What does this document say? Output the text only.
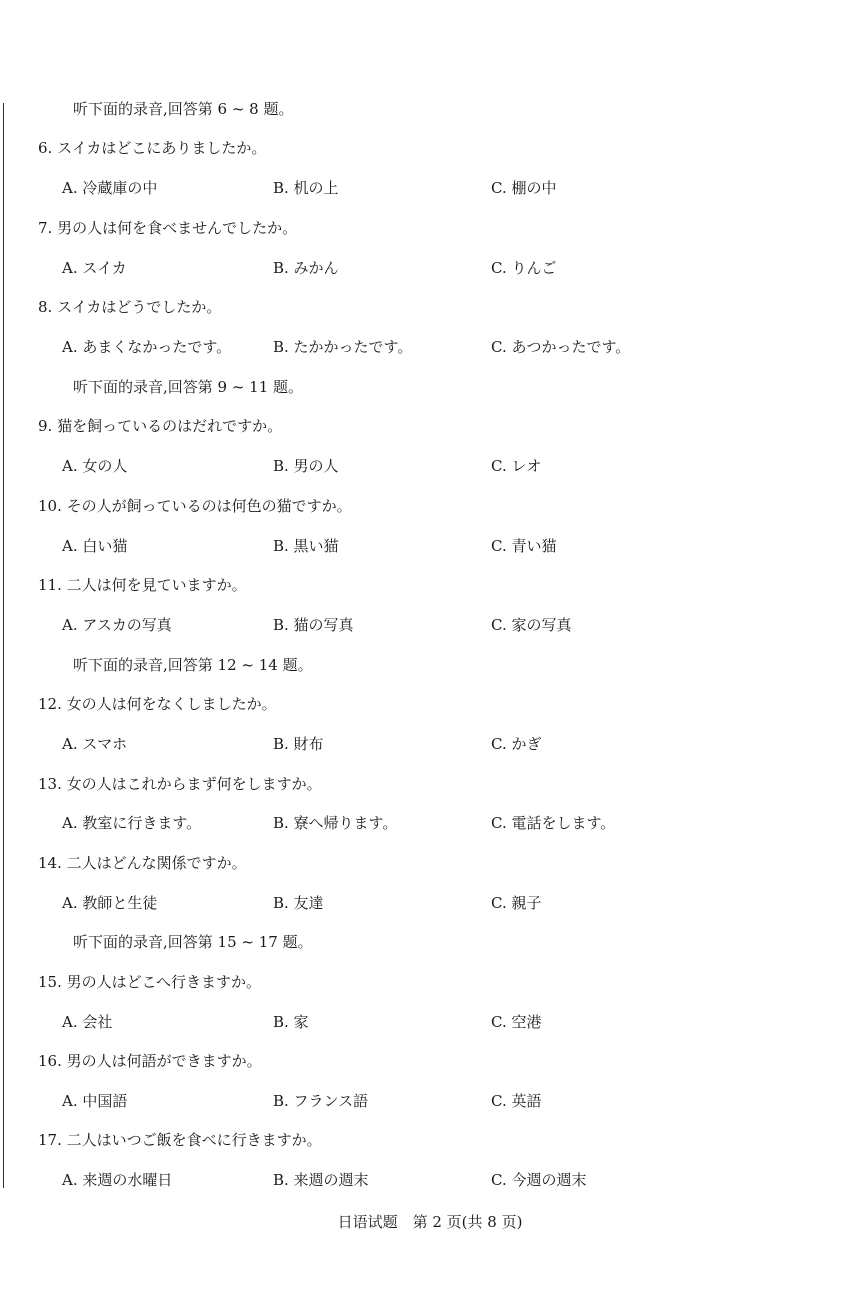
听下面的录音,回答第 6 ~ 8 题。
6. スイカはどこにありましたか。
A. 冷蔵庫の中	B. 机の上	C. 棚の中
7. 男の人は何を食べませんでしたか。
A. スイカ	B. みかん	C. りんご
8. スイカはどうでしたか。
A. あまくなかったです。	B. たかかったです。	C. あつかったです。
听下面的录音,回答第 9 ~ 11 题。
9. 猫を飼っているのはだれですか。
A. 女の人	B. 男の人	C. レオ
10. その人が飼っているのは何色の猫ですか。
A. 白い猫	B. 黒い猫	C. 青い猫
11. 二人は何を見ていますか。
A. アスカの写真	B. 猫の写真	C. 家の写真
听下面的录音,回答第 12 ~ 14 题。
12. 女の人は何をなくしましたか。
A. スマホ	B. 財布	C. かぎ
13. 女の人はこれからまず何をしますか。
A. 教室に行きます。	B. 寮へ帰ります。	C. 電話をします。
14. 二人はどんな関係ですか。
A. 教師と生徒	B. 友達	C. 親子
听下面的录音,回答第 15 ~ 17 题。
15. 男の人はどこへ行きますか。
A. 会社	B. 家	C. 空港
16. 男の人は何語ができますか。
A. 中国語	B. フランス語	C. 英語
17. 二人はいつご飯を食べに行きますか。
A. 来週の水曜日	B. 来週の週末	C. 今週の週末
日语试题　第 2 页(共 8 页)
